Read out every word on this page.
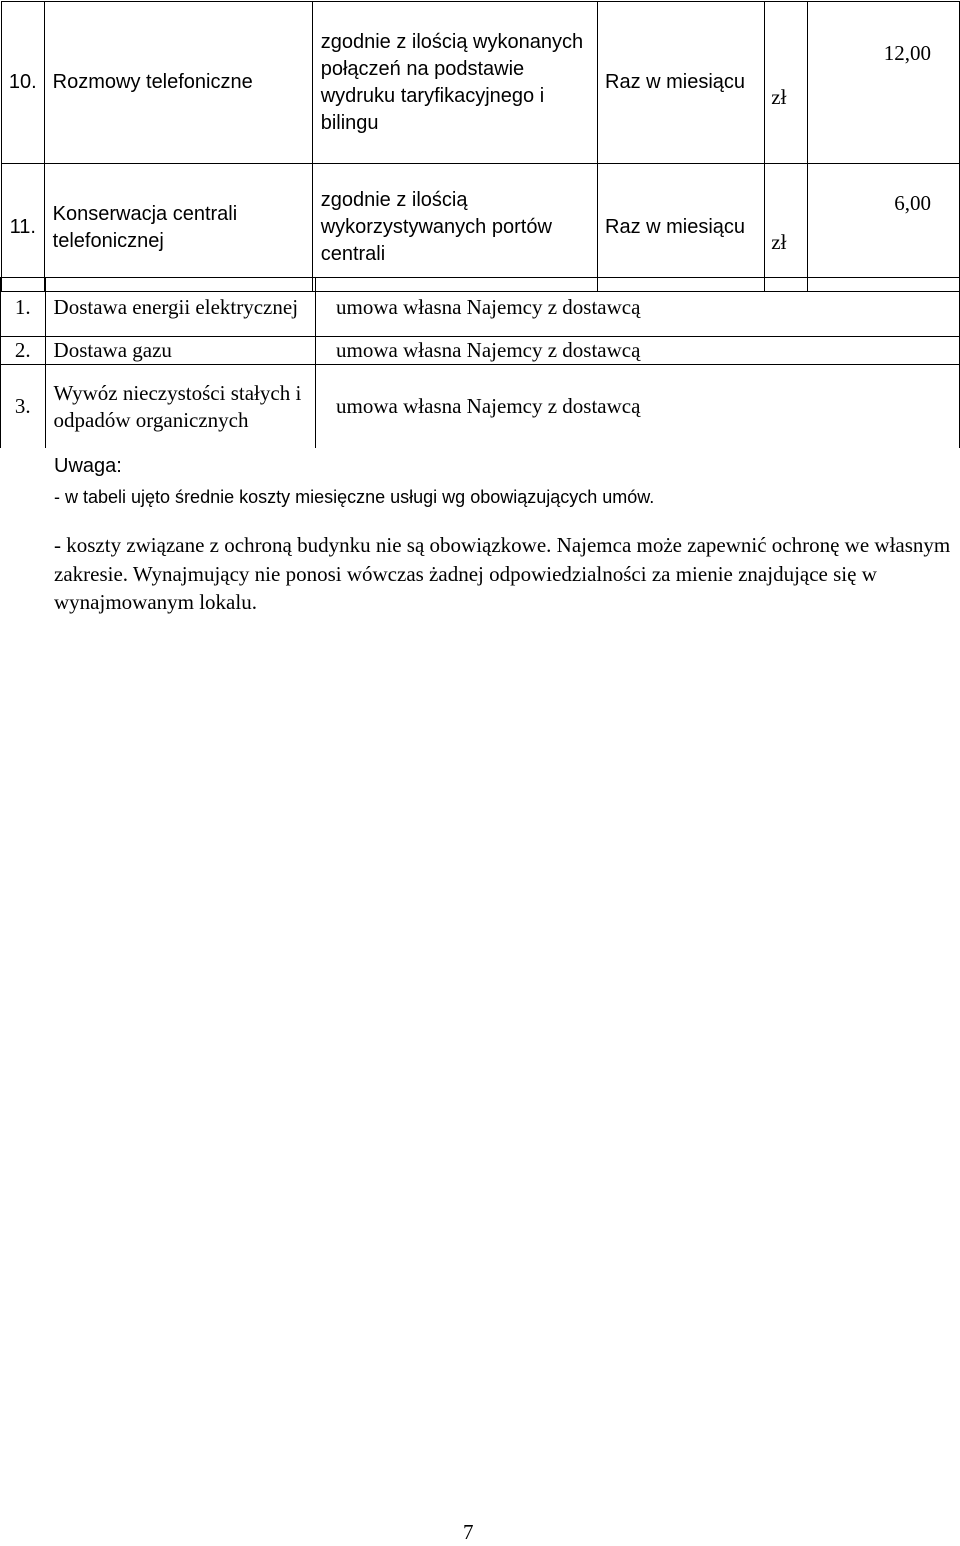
10.	Rozmowy telefoniczne	zgodnie z ilością wykonanych połączeń na podstawie wydruku taryfikacyjnego i bilingu	Raz w miesiącu	zł	12,00
11.	Konserwacja centrali telefonicznej	zgodnie z ilością wykorzystywanych portów centrali	Raz w miesiącu	zł	6,00
1.	Dostawa energii elektrycznej	umowa własna Najemcy z dostawcą
2.	Dostawa gazu	umowa własna Najemcy z dostawcą
3.	Wywóz nieczystości stałych i odpadów organicznych	umowa własna Najemcy z dostawcą
Uwaga:
- w tabeli ujęto średnie koszty miesięczne usługi wg obowiązujących umów.
- koszty związane z ochroną budynku nie są obowiązkowe. Najemca może zapewnić ochronę we własnym zakresie. Wynajmujący nie ponosi wówczas żadnej odpowiedzialności za mienie znajdujące się w wynajmowanym lokalu.
7
